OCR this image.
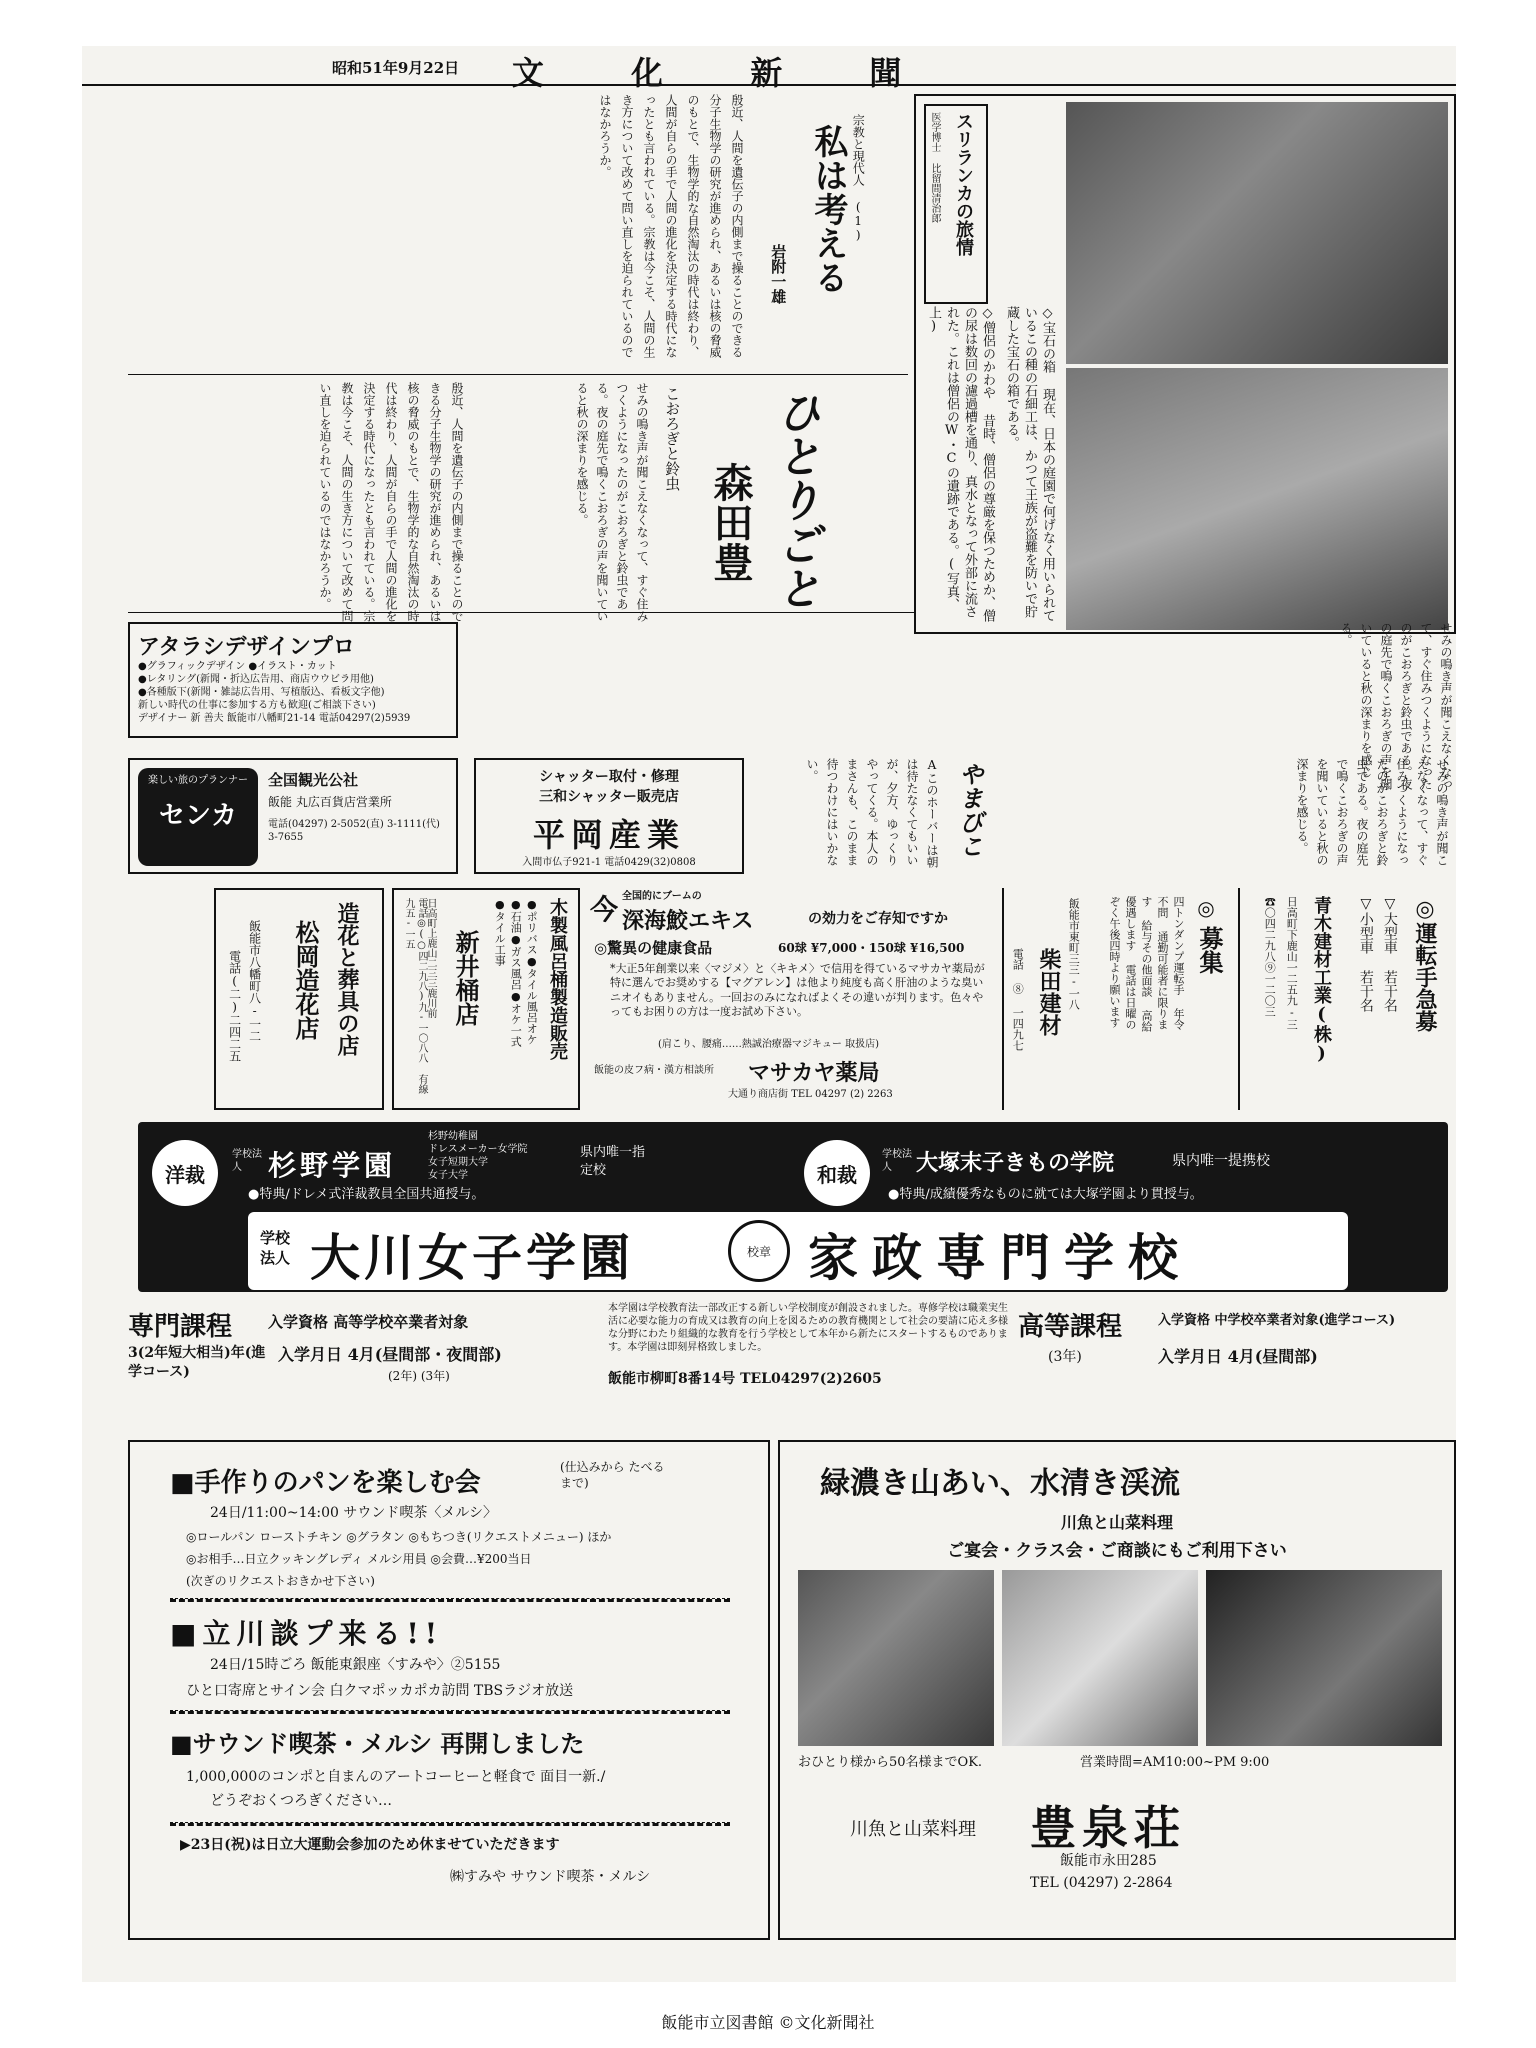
昭和51年9月22日 文 化 新 聞
私は考える 宗教と現代人 (1)
岩附一雄
殷近、人間を遺伝子の内側まで操ることのできる分子生物学の研究が進められ、あるいは核の脅威のもとで、生物学的な自然淘汰の時代は終わり、人間が自らの手で人間の進化を決定する時代になったとも言われている。宗教は今こそ、人間の生き方について改めて問い直しを迫られているのではなかろうか。
殷近、人間を遺伝子の内側まで操ることのできる分子生物学の研究が進められ、あるいは核の脅威のもとで、生物学的な自然淘汰の時代は終わり、人間が自らの手で人間の進化を決定する時代になったとも言われている。宗教は今こそ、人間の生き方について改めて問い直しを迫られているのではなかろうか。	ひとりごと
森田豊
こおろぎと鈴虫
せみの鳴き声が聞こえなくなって、すぐ住みつくようになったのがこおろぎと鈴虫である。夜の庭先で鳴くこおろぎの声を聞いていると秋の深まりを感じる。
スリランカの旅情
医学博士 比留間清治郎
◇宝石の箱 現在、日本の庭園で何げなく用いられているこの種の石細工は、かつて王族が盗難を防いで貯蔵した宝石の箱である。
◇僧侶のかわや 昔時、僧侶の尊厳を保つためか、僧の尿は数回の濾過槽を通り、真水となって外部に流された。これは僧侶のW・Cの遺跡である。(写真、上)
アタラシデザインプロ
●グラフィックデザイン ●イラスト・カット
●レタリング(新聞・折込広告用、商店ウウビラ用他)
●各種版下(新聞・雑誌広告用、写植版込、看板文字他)
新しい時代の仕事に参加する方も歓迎(ご相談下さい)
デザイナー 新 善夫 飯能市八幡町21-14 電話04297(2)5939	せみの鳴き声が聞こえなくなって、すぐ住みつくようになったのがこおろぎと鈴虫である。夜の庭先で鳴くこおろぎの声を聞いていると秋の深まりを感じる。
楽しい旅のプランナー
センカ
全国観光公社
飯能 丸広百貨店営業所
電話(04297) 2-5052(直) 3-1111(代) 3-7655
シャッター取付・修理
三和シャッター販売店
平岡産業
入間市仏子921-1 電話0429(32)0808
やまびこ
Aこのホーバーは朝は待たなくてもいいが、夕方、ゆっくりやってくる。本人のまさんも、このまま待つわけにはいかない。	せみの鳴き声が聞こえなくなって、すぐ住みつくようになったのがこおろぎと鈴虫である。夜の庭先で鳴くこおろぎの声を聞いていると秋の深まりを感じる。
造花と葬具の店
松岡造花店
飯能市八幡町八-一二
電話(二)二四二五	木製風呂桶製造販売
●ポリバス●タイル風呂オケ
●石油●ガス風呂●オケ一式
●タイル工事
新井桶店
日高町上鹿山二三三鹿川前
電話◎(○四二九八)九‐一〇八八 有線 九五‐一五	今 全国的にブームの
深海鮫エキス	の効力をご存知ですか
◎驚異の健康食品	60球 ¥7,000・150球 ¥16,500
*大正5年創業以来〈マジメ〉と〈キキメ〉で信用を得ているマサカヤ薬局が特に選んでお奨めする【マグアレン】は他より純度も高く肝油のような臭いニオイもありません。一回おのみになればよくその違いが判ります。色々やってもお困りの方は一度お試め下さい。
(肩こり、腰痛……熱誠治療器マジキュー 取扱店)
飯能の皮フ病・漢方相談所 マサカヤ薬局
大通り商店街 TEL 04297 (2) 2263
◎
募集
四トンダンプ運転手 年令不問 通勤可能者に限ります 給与その他面談 高給優遇します 電話は日曜のぞく午後四時より願います
飯能市東町三三-一八
柴田建材
電話 ⑧ 一四九七	◎運転手急募
▽大型車 若干名
▽小型車 若干名
青木建材工業(株)
日高町下鹿山一二五九-三
☎〇四二九八⑨一二〇三
洋裁
学校法人 杉野学園
杉野幼稚園
ドレスメーカー女学院
女子短期大学
女子大学
県内唯一指定校
●特典/ドレメ式洋裁教員全国共通授与。
和裁
学校法人	大塚末子きもの学院	県内唯一提携校
●特典/成績優秀なものに就ては大塚学園より貫授与。
学校法人 大川女子学園	校章 家政専門学校
専門課程 入学資格 高等学校卒業者対象
3(2年短大相当)年(進学コース)
入学月日 4月(昼間部・夜間部)
(2年) (3年)
本学園は学校教育法一部改正する新しい学校制度が創設されました。専修学校は職業実生活に必要な能力の育成又は教育の向上を図るための教育機関として社会の要請に応え多様な分野にわたり組織的な教育を行う学校として本年から新たにスタートするものであります。本学園は即刻昇格致しました。
飯能市柳町8番14号 TEL04297(2)2605
高等課程	入学資格 中学校卒業者対象(進学コース)
(3年)	入学月日 4月(昼間部)
■手作りのパンを楽しむ会
(仕込みから たべるまで)
24日/11:00~14:00 サウンド喫茶〈メルシ〉
◎ロールパン ローストチキン ◎グラタン ◎もちつき(リクエストメニュー) ほか
◎お相手…日立クッキングレディ メルシ用員 ◎会費…¥200当日
(次ぎのリクエストおきかせ下さい)
■立川談プ来る!!
24日/15時ごろ 飯能東銀座〈すみや〉②5155
ひと口寄席とサイン会 白クマポッカポカ訪問 TBSラジオ放送
■サウンド喫茶・メルシ 再開しました
1,000,000のコンポと自まんのアートコーヒーと軽食で 面目一新./
どうぞおくつろぎください…
▶23日(祝)は日立大運動会参加のため休ませていただきます
㈱すみや サウンド喫茶・メルシ
緑濃き山あい、水清き渓流
川魚と山菜料理
ご宴会・クラス会・ご商談にもご利用下さい
おひとり様から50名様までOK.	営業時間=AM10:00~PM 9:00
川魚と山菜料理 豊泉荘
飯能市永田285
TEL (04297) 2-2864
飯能市立図書館 ©文化新聞社
